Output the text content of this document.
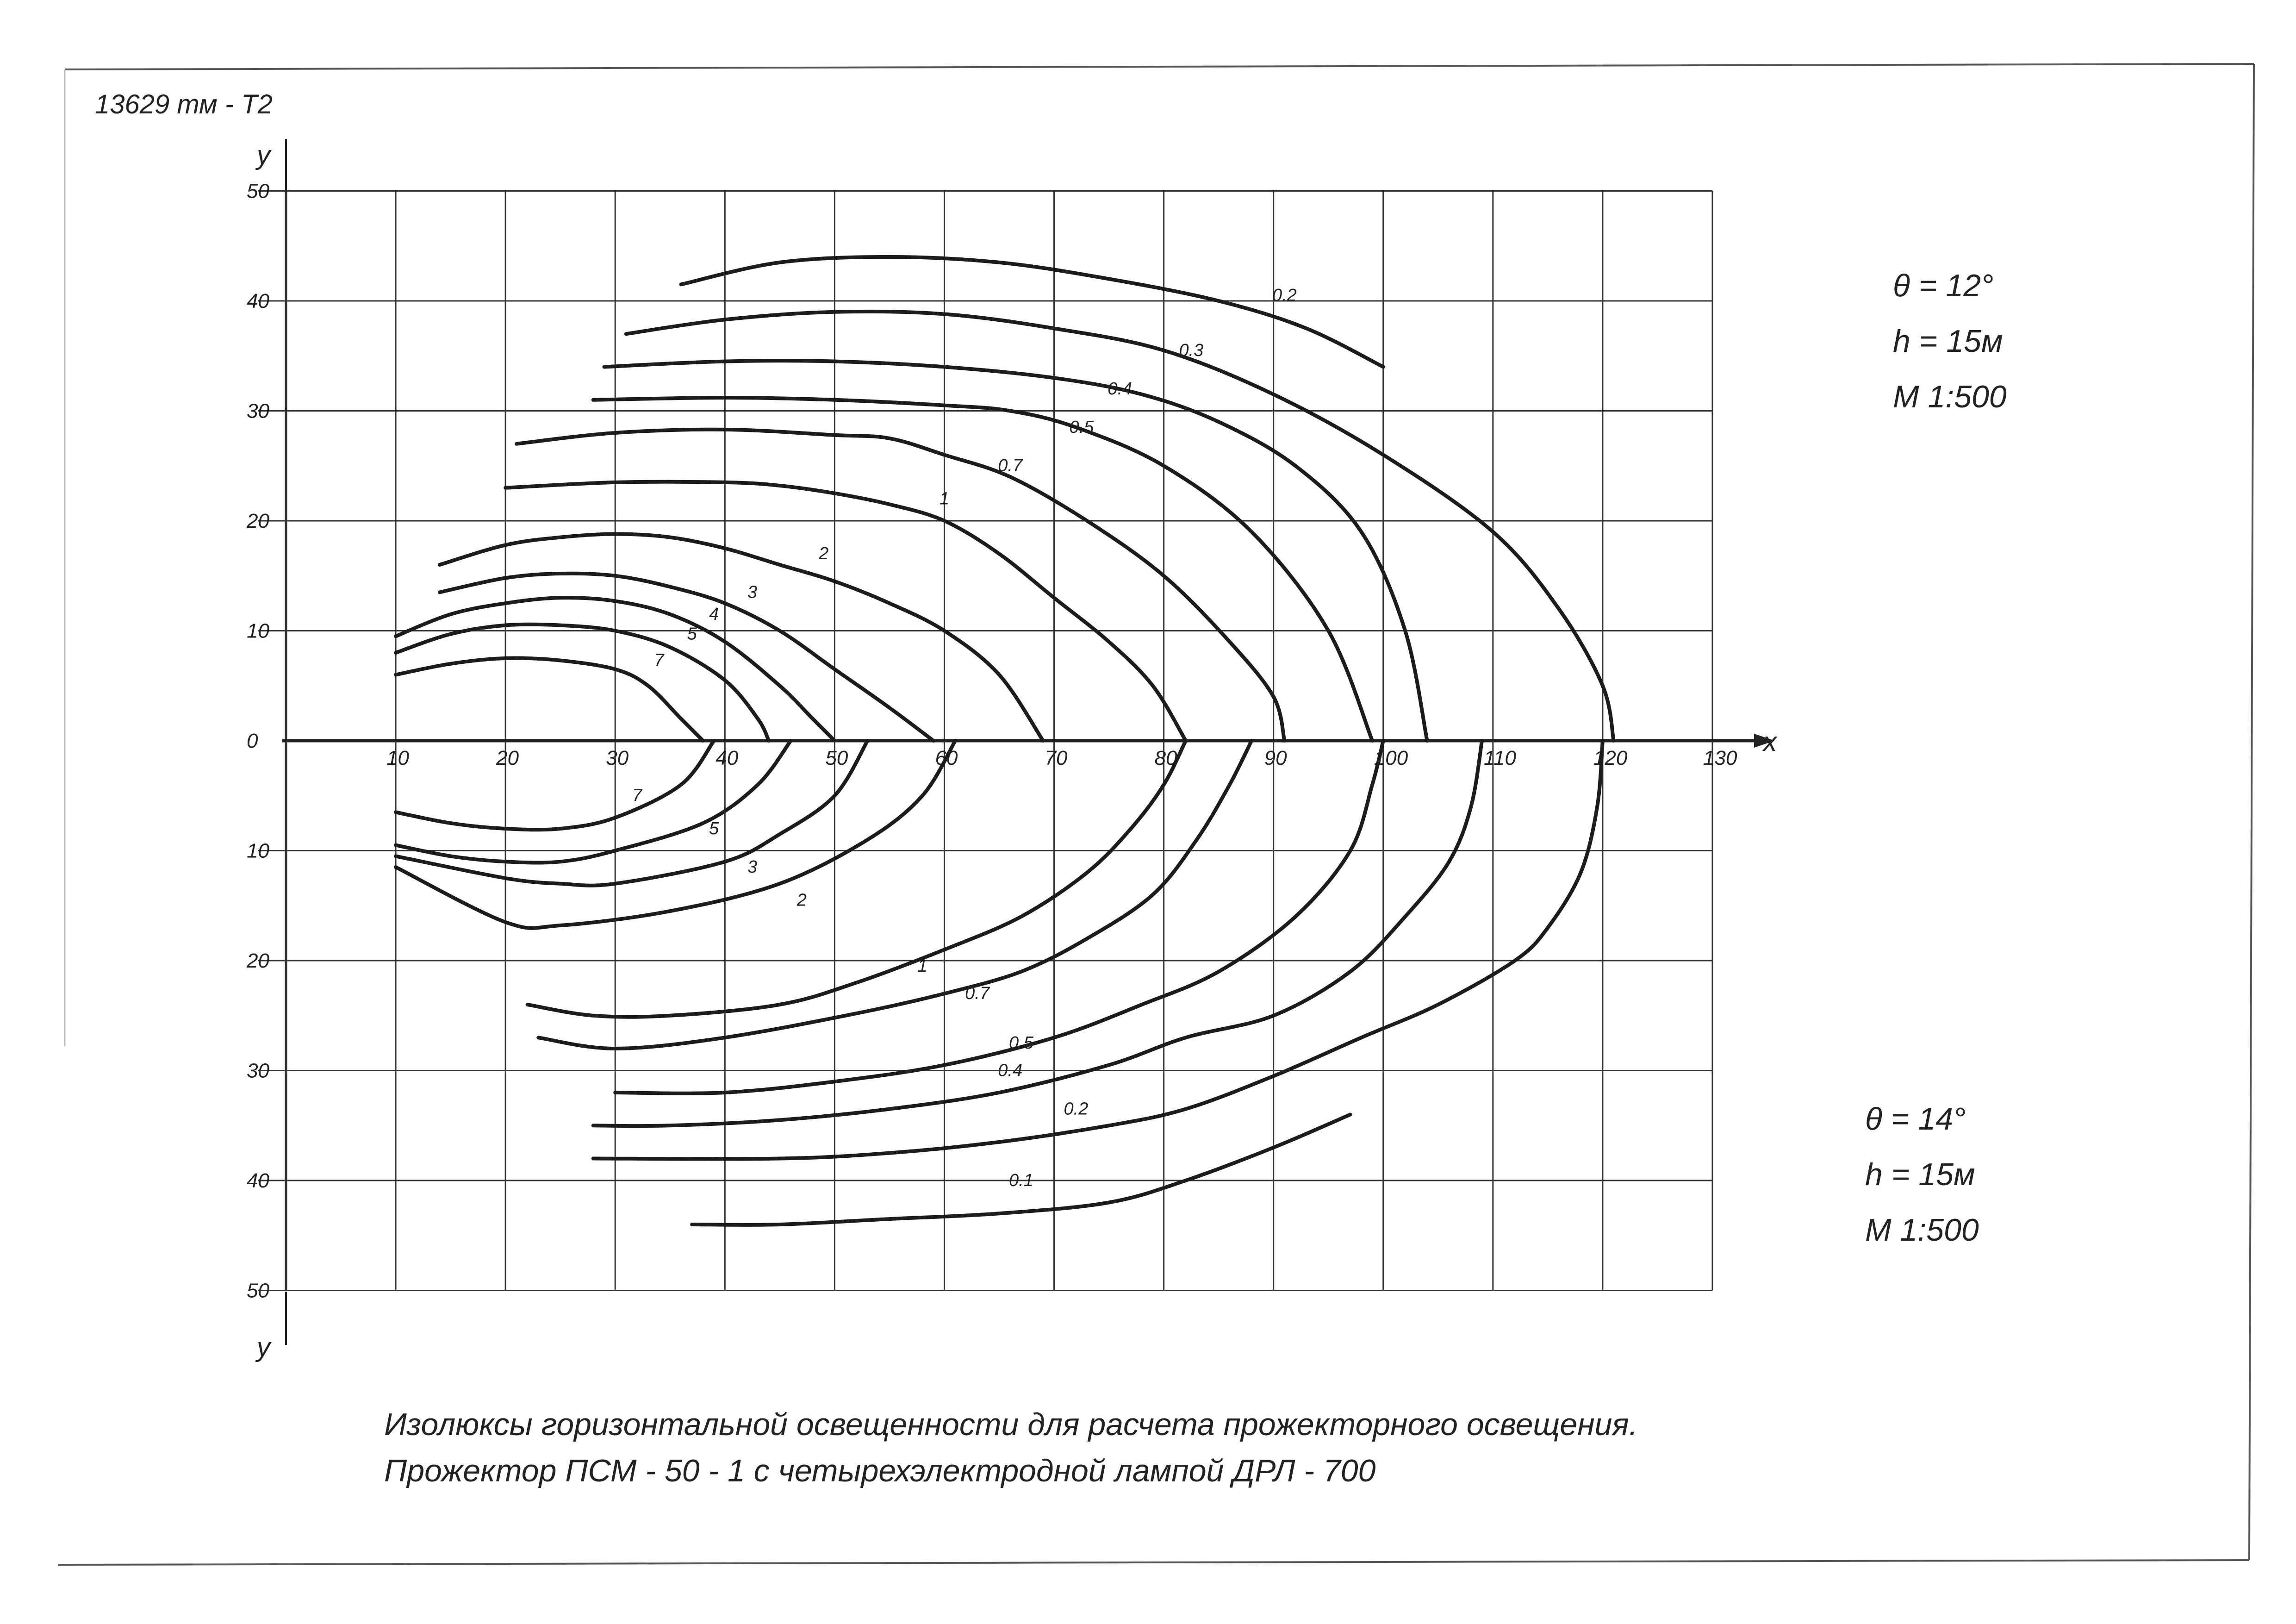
13629 тм - Т2
x
y
y
10	20	30	40	50	60	70	80	90	100	110	120	130
50
40
30
20
10
0
10
20
30
40
50
0.2
0.3
0.4
0.5
0.7
1
2
3
4
5
7
7
5
3
2
1
0.7
0.5
0.4
0.2
0.1
θ = 12°
h = 15м
М 1:500
θ = 14°
h = 15м
М 1:500
Изолюксы горизонтальной освещенности для расчета прожекторного освещения.
Прожектор ПСМ - 50 - 1 с четырехэлектродной лампой ДРЛ - 700
